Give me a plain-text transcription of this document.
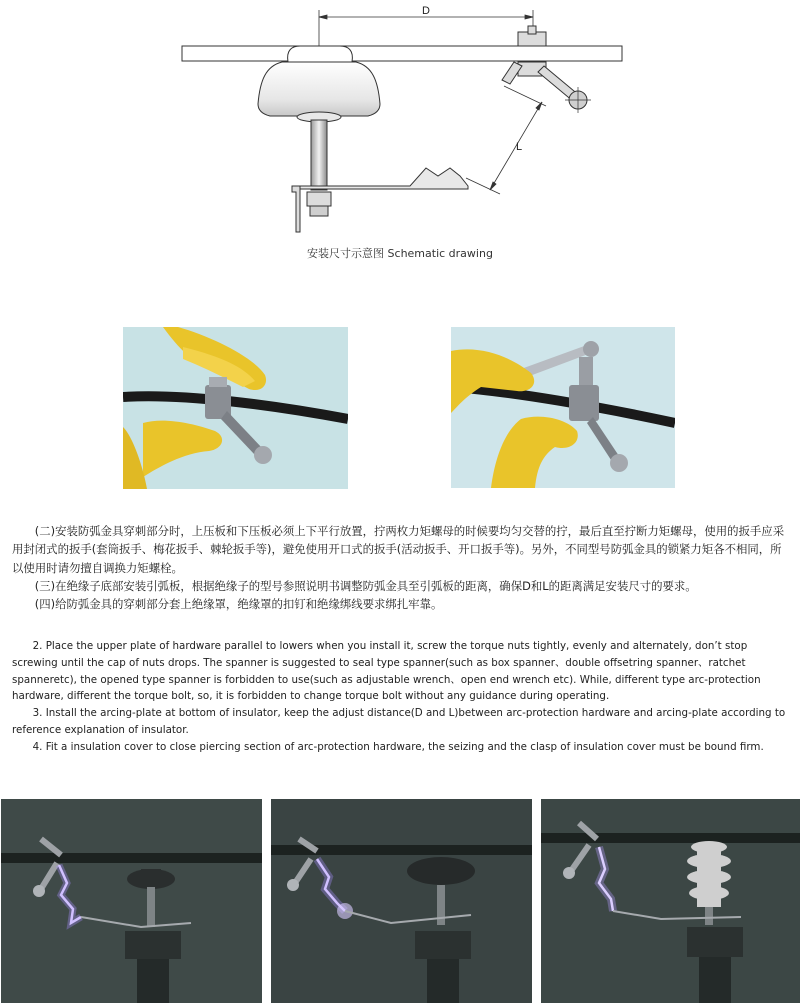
D
L
安装尺寸示意图 Schematic drawing

(二)安装防弧金具穿刺部分时，上压板和下压板必须上下平行放置，拧两枚力矩螺母的时候要均匀交替的拧，最后直至拧断力矩螺母，使用的扳手应采用封闭式的扳手(套筒扳手、梅花扳手、棘轮扳手等)，避免使用开口式的扳手(活动扳手、开口扳手等)。另外，不同型号防弧金具的锁紧力矩各不相同，所以使用时请勿擅自调换力矩螺栓。

(三)在绝缘子底部安装引弧板，根据绝缘子的型号参照说明书调整防弧金具至引弧板的距离，确保D和L的距离满足安装尺寸的要求。

(四)给防弧金具的穿刺部分套上绝缘罩，绝缘罩的扣钉和绝缘绑线要求绑扎牢靠。

2. Place the upper plate of hardware parallel to lowers when you install it, screw the torque nuts tightly, evenly and alternately, don’t stop screwing until the cap of nuts drops. The spanner is suggested to seal type spanner(such as box spanner、double offsetring spanner、ratchet spanneretc), the opened type spanner is forbidden to use(such as adjustable wrench、open end wrench etc). While, different type arc-protection hardware, different the torque bolt, so, it is forbidden to change torque bolt without any guidance during operating.

3. Install the arcing-plate at bottom of insulator, keep the adjust distance(D and L)between arc-protection hardware and arcing-plate according to reference explanation of insulator.

4. Fit a insulation cover to close piercing section of arc-protection hardware, the seizing and the clasp of insulation cover must be bound firm.
